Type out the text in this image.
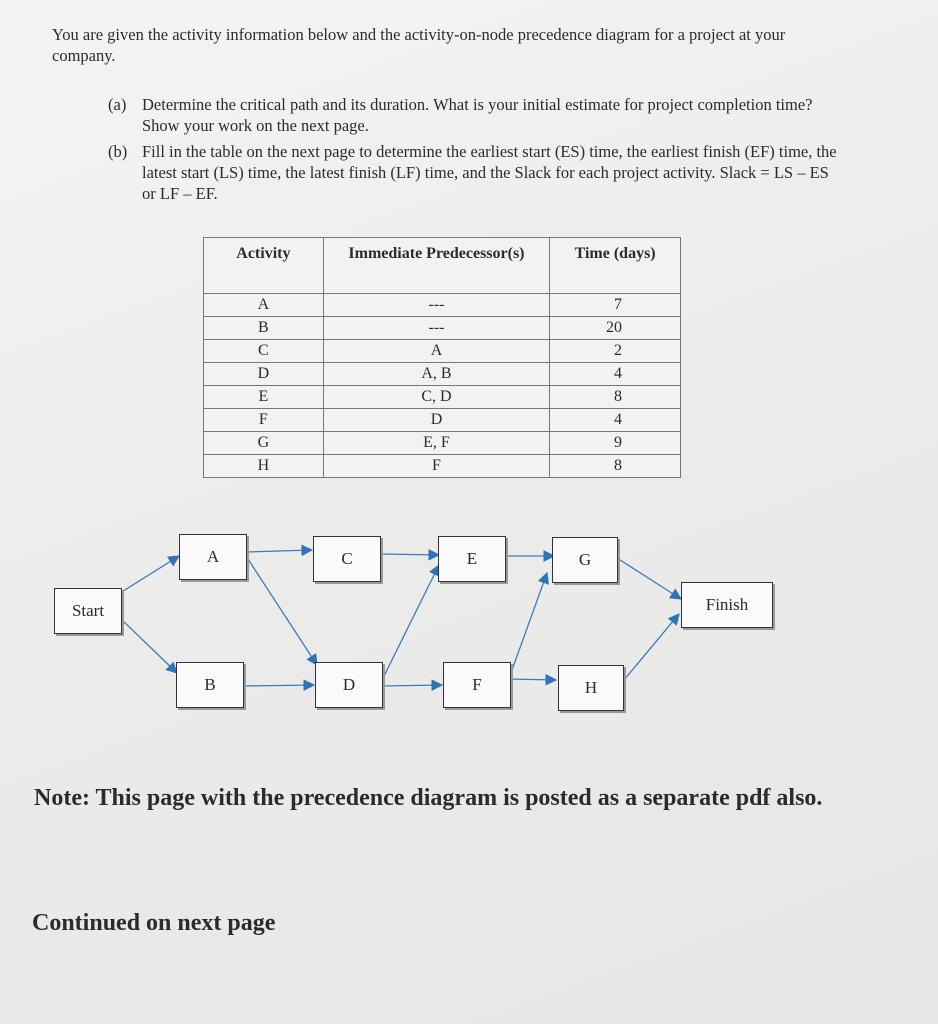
You are given the activity information below and the activity-on-node precedence diagram for a project at your company.
(a) Determine the critical path and its duration. What is your initial estimate for project completion time? Show your work on the next page.
(b) Fill in the table on the next page to determine the earliest start (ES) time, the earliest finish (EF) time, the latest start (LS) time, the latest finish (LF) time, and the Slack for each project activity. Slack = LS – ES or LF – EF.
Activity	Immediate Predecessor(s)	Time (days)
A	---	7
B	---	20
C	A	2
D	A, B	4
E	C, D	8
F	D	4
G	E, F	9
H	F	8
Start
A
B
C
D
E
F
G
H
Finish
Note: This page with the precedence diagram is posted as a separate pdf also.
Continued on next page
